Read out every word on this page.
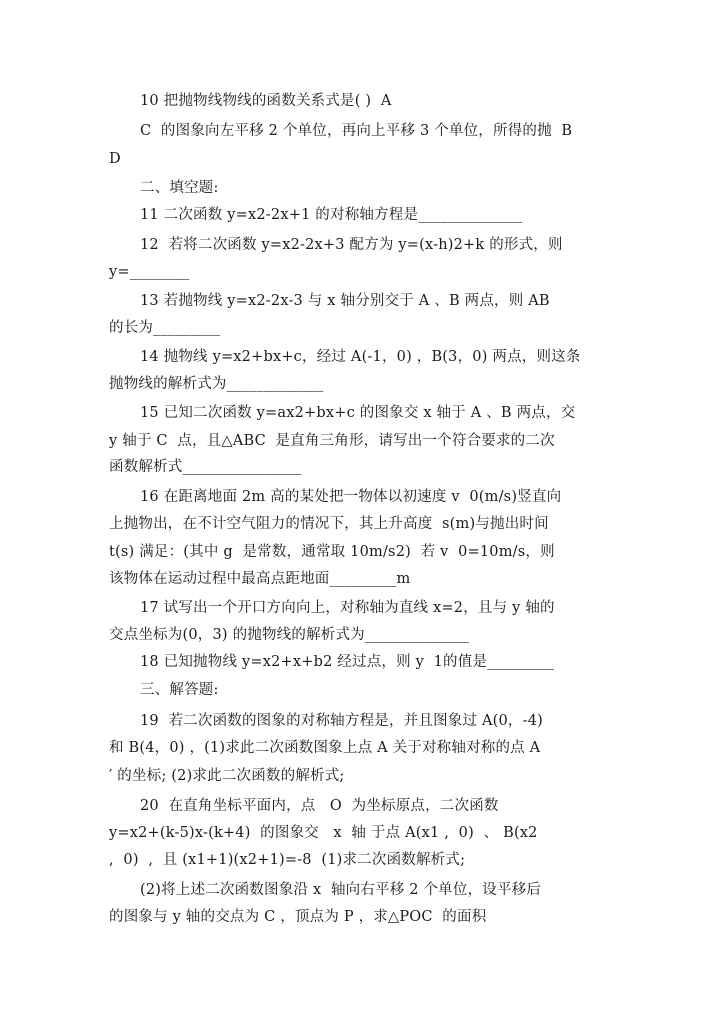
10 把抛物线物线的函数关系式是( )  A
C  的图象向左平移 2 个单位，再向上平移 3 个单位，所得的抛  B
D
二、填空题:
11 二次函数 y=x2-2x+1 的对称轴方程是______________
12  若将二次函数 y=x2-2x+3 配方为 y=(x-h)2+k 的形式，则
y=________
13 若抛物线 y=x2-2x-3 与 x 轴分别交于 A 、B 两点，则 AB
的长为_________
14 抛物线 y=x2+bx+c，经过 A(-1，0) ，B(3，0) 两点，则这条
抛物线的解析式为_____________
15 已知二次函数 y=ax2+bx+c 的图象交 x 轴于 A 、B 两点，交
y 轴于 C  点，且△ABC  是直角三角形，请写出一个符合要求的二次
函数解析式________________
16 在距离地面 2m 高的某处把一物体以初速度 v  0(m/s)竖直向
上抛物出，在不计空气阻力的情况下，其上升高度  s(m)与抛出时间
t(s) 满足：(其中 g  是常数，通常取 10m/s2)  若 v  0=10m/s，则
该物体在运动过程中最高点距地面_________m
17 试写出一个开口方向向上，对称轴为直线 x=2，且与 y 轴的
交点坐标为(0，3) 的抛物线的解析式为______________
18 已知抛物线 y=x2+x+b2 经过点，则 y  1的值是_________
三、解答题:
19  若二次函数的图象的对称轴方程是，并且图象过 A(0，-4)
和 B(4，0) ，(1)求此二次函数图象上点 A 关于对称轴对称的点 A
′ 的坐标; (2)求此二次函数的解析式;
20  在直角坐标平面内，点   O  为坐标原点，二次函数
y=x2+(k-5)x-(k+4)  的图象交   x  轴 于点 A(x1 ,  0)  、 B(x2
,  0)  ,  且 (x1+1)(x2+1)=-8  (1)求二次函数解析式;
(2)将上述二次函数图象沿 x  轴向右平移 2 个单位，设平移后
的图象与 y 轴的交点为 C ，顶点为 P ，求△POC  的面积
